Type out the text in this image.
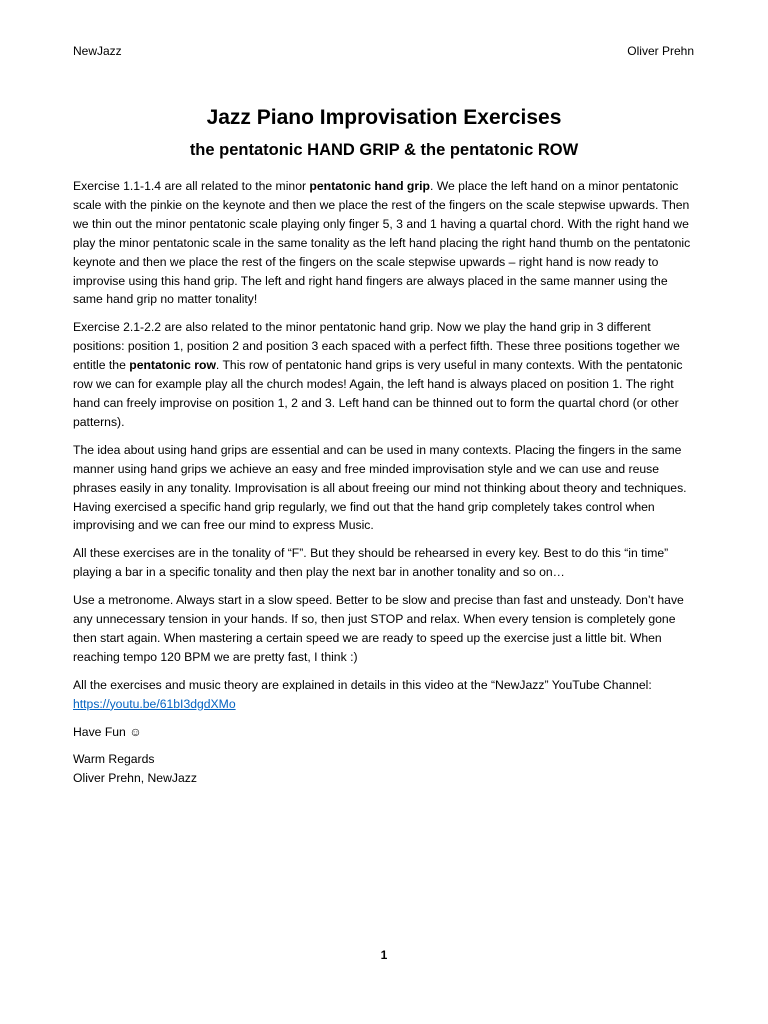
NewJazz	Oliver Prehn
Jazz Piano Improvisation Exercises
the pentatonic HAND GRIP & the pentatonic ROW

Exercise 1.1-1.4 are all related to the minor pentatonic hand grip. We place the left hand on a minor pentatonic scale with the pinkie on the keynote and then we place the rest of the fingers on the scale stepwise upwards. Then we thin out the minor pentatonic scale playing only finger 5, 3 and 1 having a quartal chord. With the right hand we play the minor pentatonic scale in the same tonality as the left hand placing the right hand thumb on the pentatonic keynote and then we place the rest of the fingers on the scale stepwise upwards – right hand is now ready to improvise using this hand grip. The left and right hand fingers are always placed in the same manner using the same hand grip no matter tonality!

Exercise 2.1-2.2 are also related to the minor pentatonic hand grip. Now we play the hand grip in 3 different positions: position 1, position 2 and position 3 each spaced with a perfect fifth. These three positions together we entitle the pentatonic row. This row of pentatonic hand grips is very useful in many contexts. With the pentatonic row we can for example play all the church modes! Again, the left hand is always placed on position 1. The right hand can freely improvise on position 1, 2 and 3. Left hand can be thinned out to form the quartal chord (or other patterns).

The idea about using hand grips are essential and can be used in many contexts. Placing the fingers in the same manner using hand grips we achieve an easy and free minded improvisation style and we can use and reuse phrases easily in any tonality. Improvisation is all about freeing our mind not thinking about theory and techniques. Having exercised a specific hand grip regularly, we find out that the hand grip completely takes control when improvising and we can free our mind to express Music.

All these exercises are in the tonality of “F”. But they should be rehearsed in every key. Best to do this “in time” playing a bar in a specific tonality and then play the next bar in another tonality and so on…

Use a metronome. Always start in a slow speed. Better to be slow and precise than fast and unsteady. Don’t have any unnecessary tension in your hands. If so, then just STOP and relax. When every tension is completely gone then start again. When mastering a certain speed we are ready to speed up the exercise just a little bit. When reaching tempo 120 BPM we are pretty fast, I think :)

All the exercises and music theory are explained in details in this video at the “NewJazz” YouTube Channel:
https://youtu.be/61bI3dgdXMo

Have Fun ☺

Warm Regards
Oliver Prehn, NewJazz

1
